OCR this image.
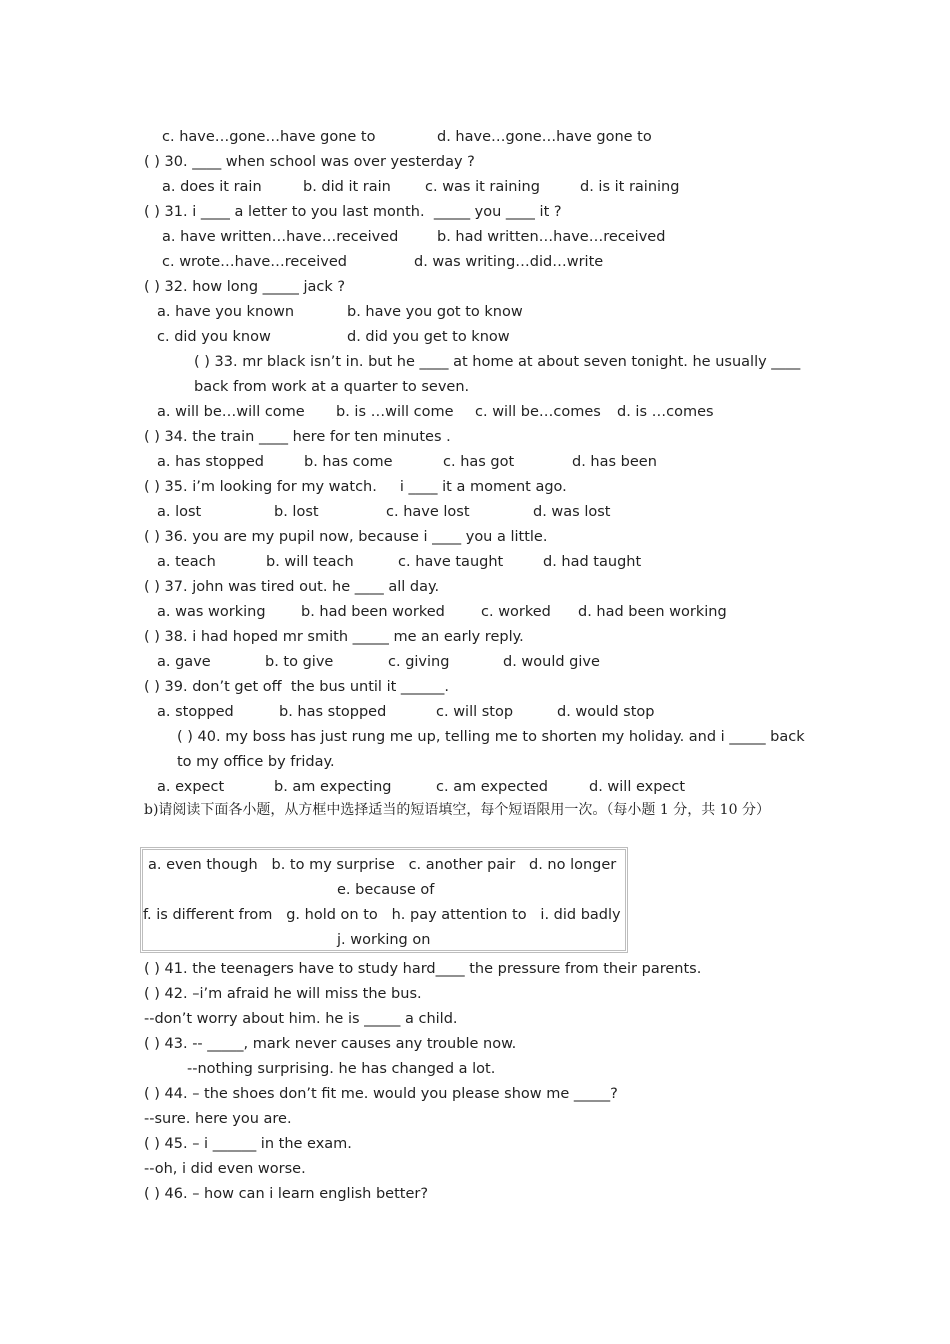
c. have…gone…have gone to	d. have…gone…have gone to
( ) 30. ____ when school was over yesterday ?
a. does it rain	b. did it rain c. was it raining	d. is it raining
( ) 31. i ____ a letter to you last month.  _____ you ____ it ?
a. have written…have…received	b. had written…have…received
c. wrote…have…received	d. was writing…did…write
( ) 32. how long _____ jack ?
a. have you known	b. have you got to know
c. did you know	d. did you get to know
( ) 33. mr black isn’t in. but he ____ at home at about seven tonight. he usually ____
back from work at a quarter to seven.
a. will be…will come b. is …will come c. will be…comes d. is …comes
( ) 34. the train ____ here for ten minutes .
a. has stopped	b. has come	c. has got	d. has been
( ) 35. i’m looking for my watch.     i ____ it a moment ago.
a. lost	b. lost	c. have lost	d. was lost
( ) 36. you are my pupil now, because i ____ you a little.
a. teach	b. will teach	c. have taught	d. had taught
( ) 37. john was tired out. he ____ all day.
a. was working b. had been worked c. worked d. had been working
( ) 38. i had hoped mr smith _____ me an early reply.
a. gave	b. to give	c. giving	d. would give
( ) 39. don’t get off  the bus until it ______.
a. stopped	b. has stopped	c. will stop	d. would stop
( ) 40. my boss has just rung me up, telling me to shorten my holiday. and i _____ back
to my office by friday.
a. expect	b. am expecting	c. am expected	d. will expect
a. even though   b. to my surprise   c. another pair   d. no longer
e. because of
f. is different from   g. hold on to   h. pay attention to   i. did badly
j. working on
( ) 41. the teenagers have to study hard____ the pressure from their parents.
( ) 42. –i’m afraid he will miss the bus.
--don’t worry about him. he is _____ a child.
( ) 43. -- _____, mark never causes any trouble now.
--nothing surprising. he has changed a lot.
( ) 44. – the shoes don’t fit me. would you please show me _____?
--sure. here you are.
( ) 45. – i ______ in the exam.
--oh, i did even worse.
( ) 46. – how can i learn english better?
b)请阅读下面各小题，从方框中选择适当的短语填空，每个短语限用一次。（每小题 1 分，共 10 分）
